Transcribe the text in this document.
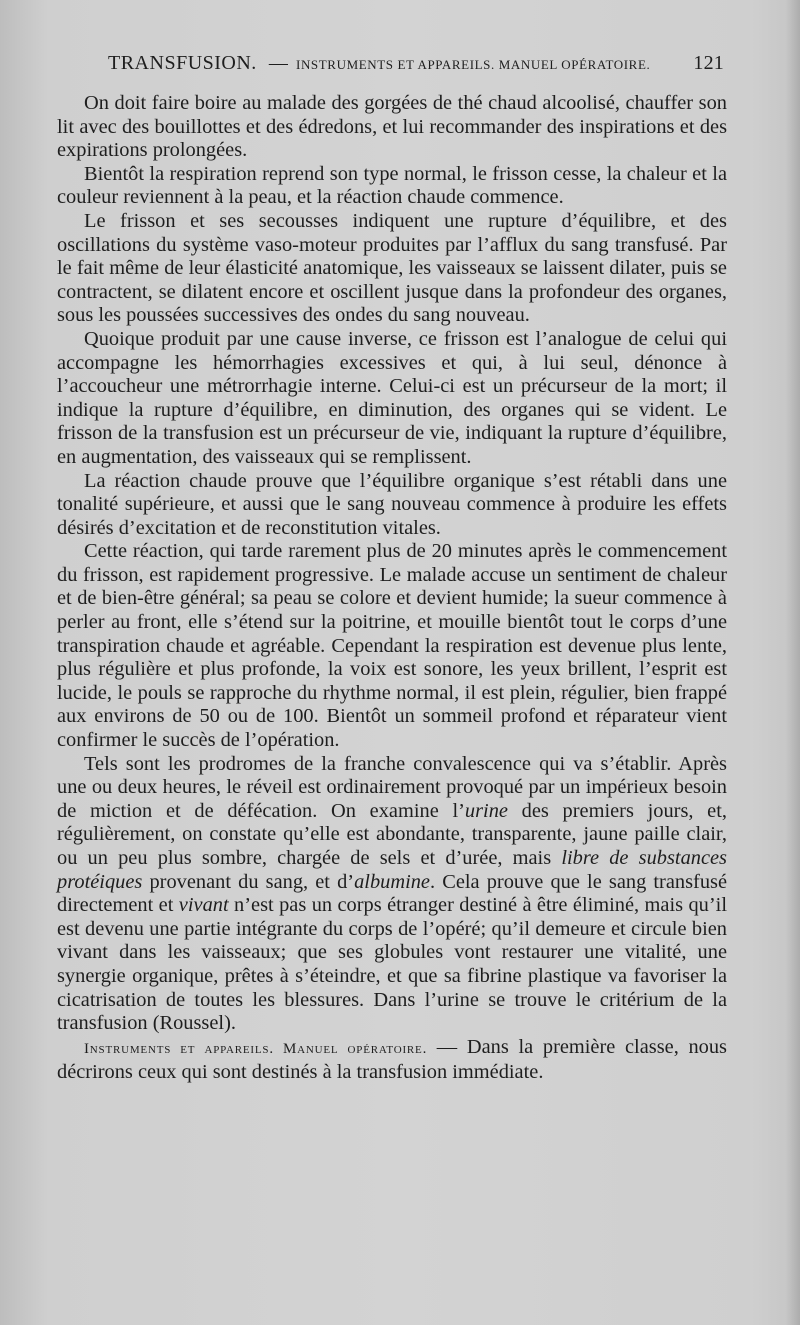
TRANSFUSION. — INSTRUMENTS ET APPAREILS. MANUEL OPÉRATOIRE. 121

On doit faire boire au malade des gorgées de thé chaud alcoolisé, chauffer son lit avec des bouillottes et des édredons, et lui recommander des inspirations et des expirations prolongées.

Bientôt la respiration reprend son type normal, le frisson cesse, la chaleur et la couleur reviennent à la peau, et la réaction chaude commence.

Le frisson et ses secousses indiquent une rupture d’équilibre, et des oscillations du système vaso-moteur produites par l’afflux du sang transfusé. Par le fait même de leur élasticité anatomique, les vaisseaux se laissent dilater, puis se contractent, se dilatent encore et oscillent jusque dans la profondeur des organes, sous les poussées successives des ondes du sang nouveau.

Quoique produit par une cause inverse, ce frisson est l’analogue de celui qui accompagne les hémorrhagies excessives et qui, à lui seul, dénonce à l’accoucheur une métrorrhagie interne. Celui-ci est un précurseur de la mort; il indique la rupture d’équilibre, en diminution, des organes qui se vident. Le frisson de la transfusion est un précurseur de vie, indiquant la rupture d’équilibre, en augmentation, des vaisseaux qui se remplissent.

La réaction chaude prouve que l’équilibre organique s’est rétabli dans une tonalité supérieure, et aussi que le sang nouveau commence à produire les effets désirés d’excitation et de reconstitution vitales.

Cette réaction, qui tarde rarement plus de 20 minutes après le commencement du frisson, est rapidement progressive. Le malade accuse un sentiment de chaleur et de bien-être général; sa peau se colore et devient humide; la sueur commence à perler au front, elle s’étend sur la poitrine, et mouille bientôt tout le corps d’une transpiration chaude et agréable. Cependant la respiration est devenue plus lente, plus régulière et plus profonde, la voix est sonore, les yeux brillent, l’esprit est lucide, le pouls se rapproche du rhythme normal, il est plein, régulier, bien frappé aux environs de 50 ou de 100. Bientôt un sommeil profond et réparateur vient confirmer le succès de l’opération.

Tels sont les prodromes de la franche convalescence qui va s’établir. Après une ou deux heures, le réveil est ordinairement provoqué par un impérieux besoin de miction et de défécation. On examine l’urine des premiers jours, et, régulièrement, on constate qu’elle est abondante, transparente, jaune paille clair, ou un peu plus sombre, chargée de sels et d’urée, mais libre de substances protéiques provenant du sang, et d’albumine. Cela prouve que le sang transfusé directement et vivant n’est pas un corps étranger destiné à être éliminé, mais qu’il est devenu une partie intégrante du corps de l’opéré; qu’il demeure et circule bien vivant dans les vaisseaux; que ses globules vont restaurer une vitalité, une synergie organique, prêtes à s’éteindre, et que sa fibrine plastique va favoriser la cicatrisation de toutes les blessures. Dans l’urine se trouve le critérium de la transfusion (Roussel).

Instruments et appareils. Manuel opératoire. — Dans la première classe, nous décrirons ceux qui sont destinés à la transfusion immédiate.
